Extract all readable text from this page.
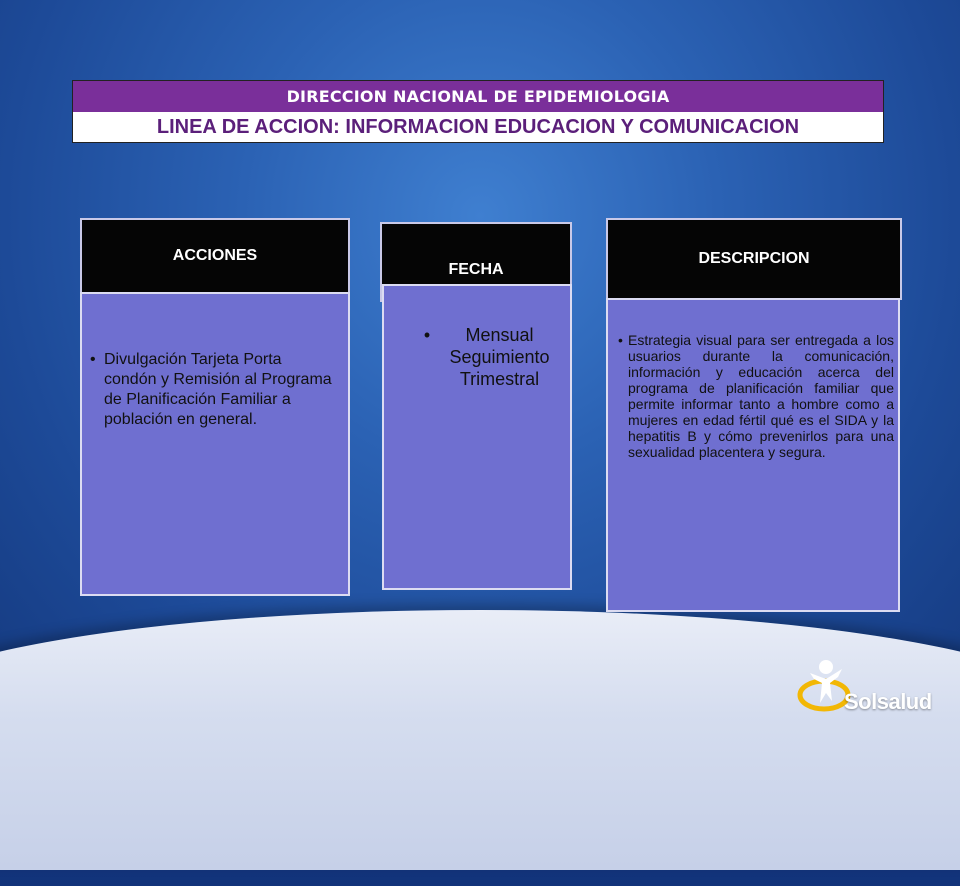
DIRECCION NACIONAL DE EPIDEMIOLOGIA
LINEA DE ACCION: INFORMACION EDUCACION Y COMUNICACION
ACCIONES
• Divulgación Tarjeta Porta condón y Remisión al Programa de Planificación Familiar a población en general.
FECHA
•	Mensual Seguimiento Trimestral
DESCRIPCION
• Estrategia visual para ser entregada a los usuarios durante la comunicación, información y educación acerca del programa de planificación familiar que permite informar tanto a hombre como a mujeres en edad fértil qué es el SIDA y la hepatitis B y cómo prevenirlos para una sexualidad placentera y segura.
Solsalud
